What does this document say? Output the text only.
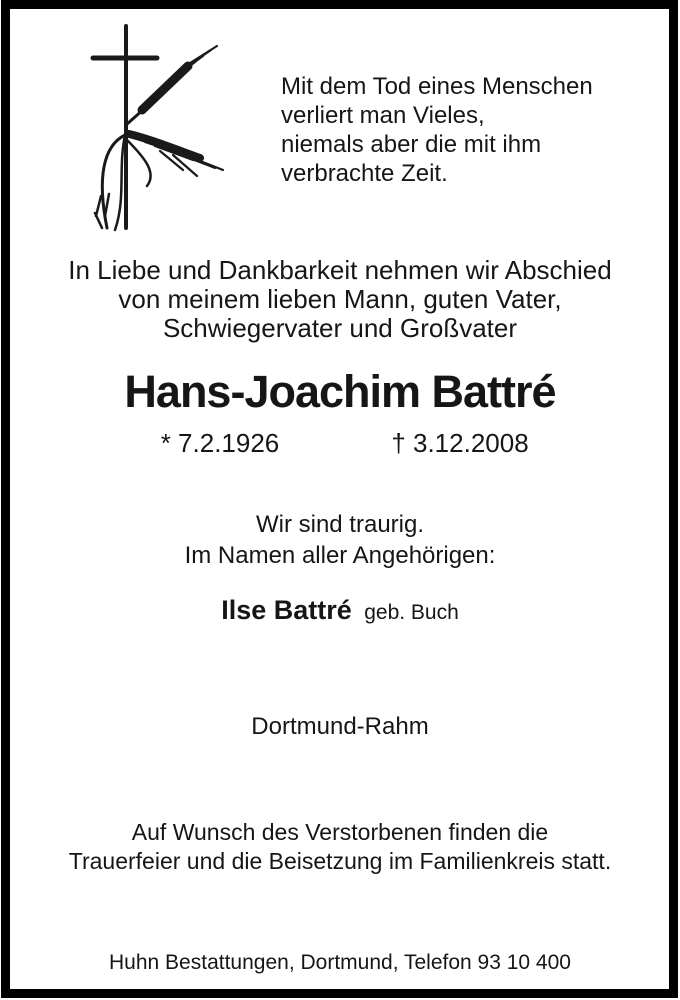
Mit dem Tod eines Menschen
verliert man Vieles,
niemals aber die mit ihm
verbrachte Zeit.
In Liebe und Dankbarkeit nehmen wir Abschied
von meinem lieben Mann, guten Vater,
Schwiegervater und Großvater
Hans-Joachim Battré
* 7.2.1926	† 3.12.2008
Wir sind traurig.
Im Namen aller Angehörigen:
Ilse Battré geb. Buch
Dortmund-Rahm
Auf Wunsch des Verstorbenen finden die
Trauerfeier und die Beisetzung im Familienkreis statt.
Huhn Bestattungen, Dortmund, Telefon 93 10 400
